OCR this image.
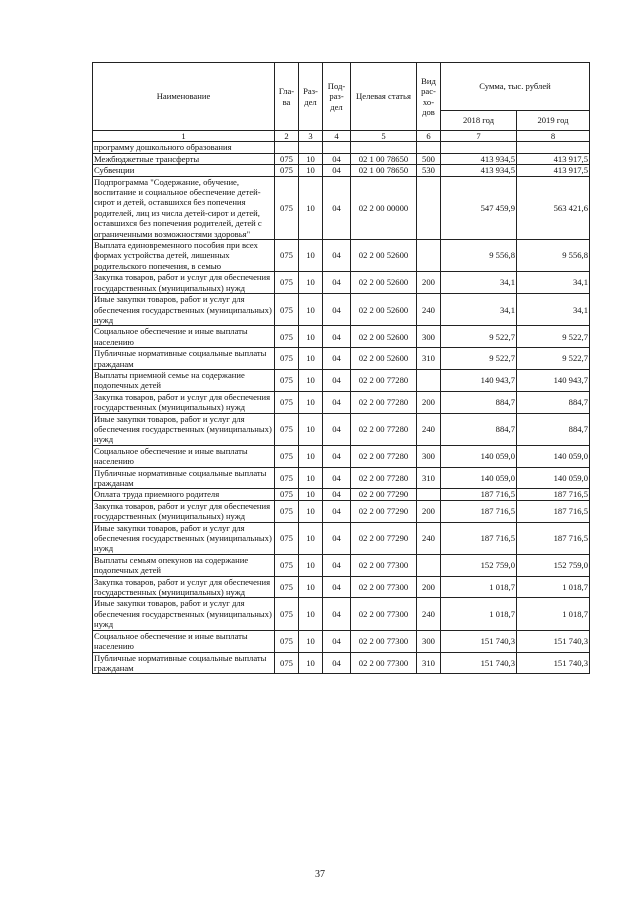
Наименование	Гла-ва	Раз-дел	Под-раз-дел	Целевая статья	Вид рас-хо-дов	Сумма, тыс. рублей	
						2018 год	2019 год
1	2	3	4	5	6	7	8
программу дошкольного образования							
Межбюджетные трансферты	075	10	04	02 1 00 78650	500	413 934,5	413 917,5
Субвенции	075	10	04	02 1 00 78650	530	413 934,5	413 917,5
Подпрограмма "Содержание, обучение, воспитание и социальное обеспечение детей-сирот и детей, оставшихся без попечения родителей, лиц из числа детей-сирот и детей, оставшихся без попечения родителей, детей с ограниченными возможностями здоровья"	075	10	04	02 2 00 00000		547 459,9	563 421,6
Выплата единовременного пособия при всех формах устройства детей, лишенных родительского попечения, в семью	075	10	04	02 2 00 52600		9 556,8	9 556,8
Закупка товаров, работ и услуг для обеспечения государственных (муниципальных) нужд	075	10	04	02 2 00 52600	200	34,1	34,1
Иные закупки товаров, работ и услуг для обеспечения государственных (муниципальных) нужд	075	10	04	02 2 00 52600	240	34,1	34,1
Социальное обеспечение и иные выплаты населению	075	10	04	02 2 00 52600	300	9 522,7	9 522,7
Публичные нормативные социальные выплаты гражданам	075	10	04	02 2 00 52600	310	9 522,7	9 522,7
Выплаты приемной семье на содержание подопечных детей	075	10	04	02 2 00 77280		140 943,7	140 943,7
Закупка товаров, работ и услуг для обеспечения государственных (муниципальных) нужд	075	10	04	02 2 00 77280	200	884,7	884,7
Иные закупки товаров, работ и услуг для обеспечения государственных (муниципальных) нужд	075	10	04	02 2 00 77280	240	884,7	884,7
Социальное обеспечение и иные выплаты населению	075	10	04	02 2 00 77280	300	140 059,0	140 059,0
Публичные нормативные социальные выплаты гражданам	075	10	04	02 2 00 77280	310	140 059,0	140 059,0
Оплата труда приемного родителя	075	10	04	02 2 00 77290		187 716,5	187 716,5
Закупка товаров, работ и услуг для обеспечения государственных (муниципальных) нужд	075	10	04	02 2 00 77290	200	187 716,5	187 716,5
Иные закупки товаров, работ и услуг для обеспечения государственных (муниципальных) нужд	075	10	04	02 2 00 77290	240	187 716,5	187 716,5
Выплаты семьям опекунов на содержание подопечных детей	075	10	04	02 2 00 77300		152 759,0	152 759,0
Закупка товаров, работ и услуг для обеспечения государственных (муниципальных) нужд	075	10	04	02 2 00 77300	200	1 018,7	1 018,7
Иные закупки товаров, работ и услуг для обеспечения государственных (муниципальных) нужд	075	10	04	02 2 00 77300	240	1 018,7	1 018,7
Социальное обеспечение и иные выплаты населению	075	10	04	02 2 00 77300	300	151 740,3	151 740,3
Публичные нормативные социальные выплаты гражданам	075	10	04	02 2 00 77300	310	151 740,3	151 740,3
37
